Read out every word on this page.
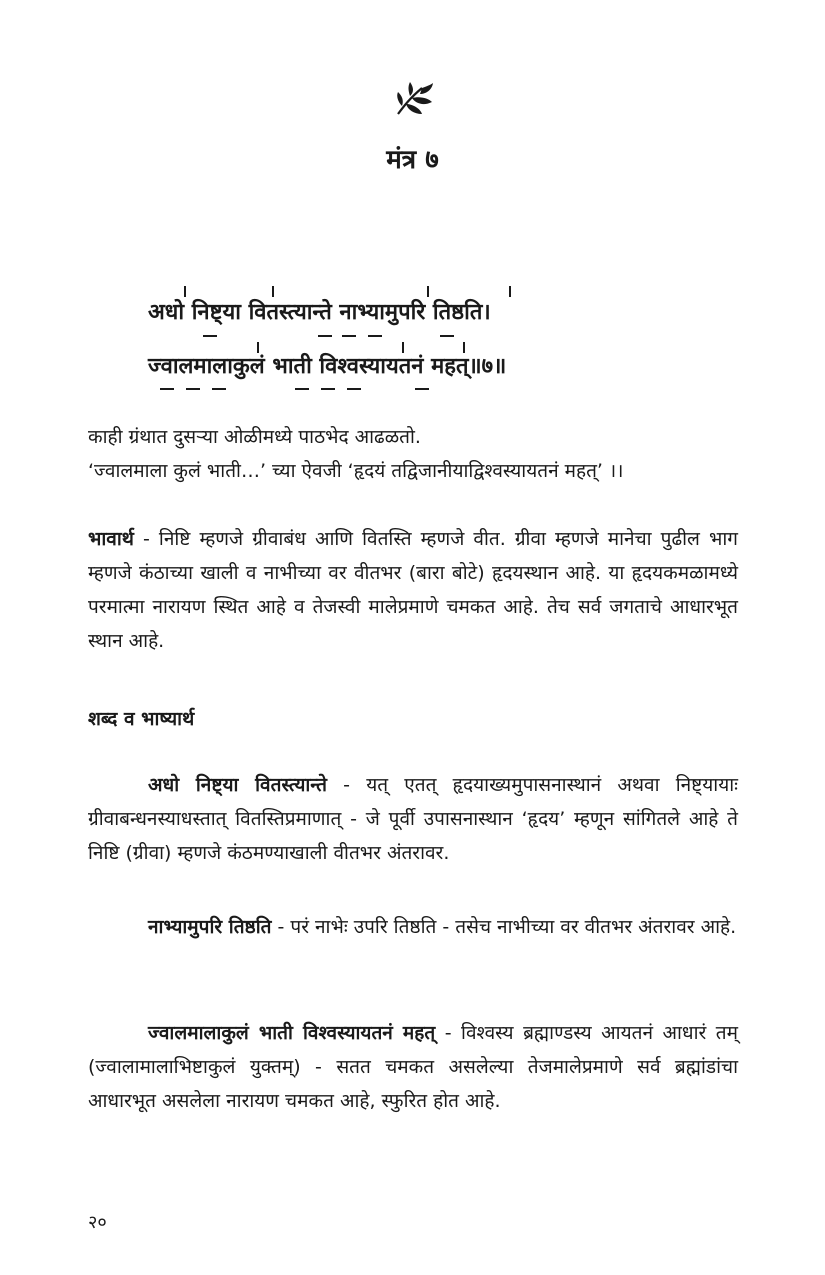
मंत्र ७
अधो निष्ट्या वितस्त्यान्ते नाभ्यामुपरि तिष्ठति।
ज्वालमालाकुलं भाती विश्वस्यायतनं महत्॥७॥

काही ग्रंथात दुसऱ्या ओळीमध्ये पाठभेद आढळतो.
‘ज्वालमाला कुलं भाती…’ च्या ऐवजी ‘हृदयं तद्विजानीयाद्विश्वस्यायतनं महत्’ ।।

भावार्थ - निष्टि म्हणजे ग्रीवाबंध आणि वितस्ति म्हणजे वीत. ग्रीवा म्हणजे मानेचा पुढील भाग म्हणजे कंठाच्या खाली व नाभीच्या वर वीतभर (बारा बोटे) हृदयस्थान आहे. या हृदयकमळामध्ये परमात्मा नारायण स्थित आहे व तेजस्वी मालेप्रमाणे चमकत आहे. तेच सर्व जगताचे आधारभूत स्थान आहे.

शब्द व भाष्यार्थ

अधो निष्ट्या वितस्त्यान्ते - यत् एतत् हृदयाख्यमुपासनास्थानं अथवा निष्ट्यायाः ग्रीवाबन्धनस्याधस्तात् वितस्तिप्रमाणात् - जे पूर्वी उपासनास्थान ‘हृदय’ म्हणून सांगितले आहे ते निष्टि (ग्रीवा) म्हणजे कंठमण्याखाली वीतभर अंतरावर.

नाभ्यामुपरि तिष्ठति - परं नाभेः उपरि तिष्ठति - तसेच नाभीच्या वर वीतभर अंतरावर आहे.

ज्वालमालाकुलं भाती विश्वस्यायतनं महत् - विश्वस्य ब्रह्माण्डस्य आयतनं आधारं तम् (ज्वालामालाभिष्टाकुलं युक्तम्) - सतत चमकत असलेल्या तेजमालेप्रमाणे सर्व ब्रह्मांडांचा आधारभूत असलेला नारायण चमकत आहे, स्फुरित होत आहे.

२०
